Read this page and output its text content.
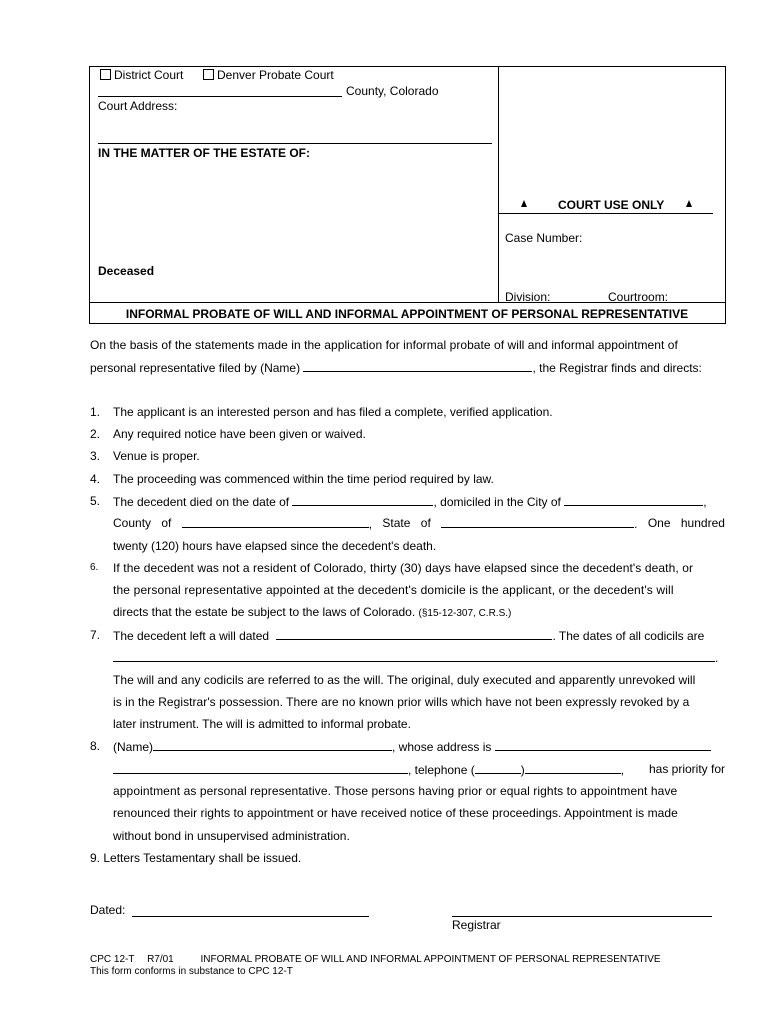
District Court	Denver Probate Court
County, Colorado
Court Address:
IN THE MATTER OF THE ESTATE OF:
Deceased
COURT USE ONLY
Case Number:
Division:	Courtroom:
INFORMAL PROBATE OF WILL AND INFORMAL APPOINTMENT OF PERSONAL REPRESENTATIVE
On the basis of the statements made in the application for informal probate of will and informal appointment of
personal representative filed by (Name)	, the Registrar finds and directs:
1. The applicant is an interested person and has filed a complete, verified application.
2. Any required notice have been given or waived.
3. Venue is proper.
4. The proceeding was commenced within the time period required by law.
5. The decedent died on the date of	, domiciled in the City of	,
County of	, State of	. One hundred
twenty (120) hours have elapsed since the decedent's death.
6. If the decedent was not a resident of Colorado, thirty (30) days have elapsed since the decedent's death, or
the personal representative appointed at the decedent's domicile is the applicant, or the decedent's will
directs that the estate be subject to the laws of Colorado. (§15-12-307, C.R.S.)
7. The decedent left a will dated	. The dates of all codicils are
.
The will and any codicils are referred to as the will. The original, duly executed and apparently unrevoked will
is in the Registrar's possession. There are no known prior wills which have not been expressly revoked by a
later instrument. The will is admitted to informal probate.
8. (Name)	, whose address is
, telephone (	)	, has priority for
appointment as personal representative. Those persons having prior or equal rights to appointment have
renounced their rights to appointment or have received notice of these proceedings. Appointment is made
without bond in unsupervised administration.
9. Letters Testamentary shall be issued.
Dated:
Registrar
CPC 12-T R7/01	INFORMAL PROBATE OF WILL AND INFORMAL APPOINTMENT OF PERSONAL REPRESENTATIVE
This form conforms in substance to CPC 12-T
